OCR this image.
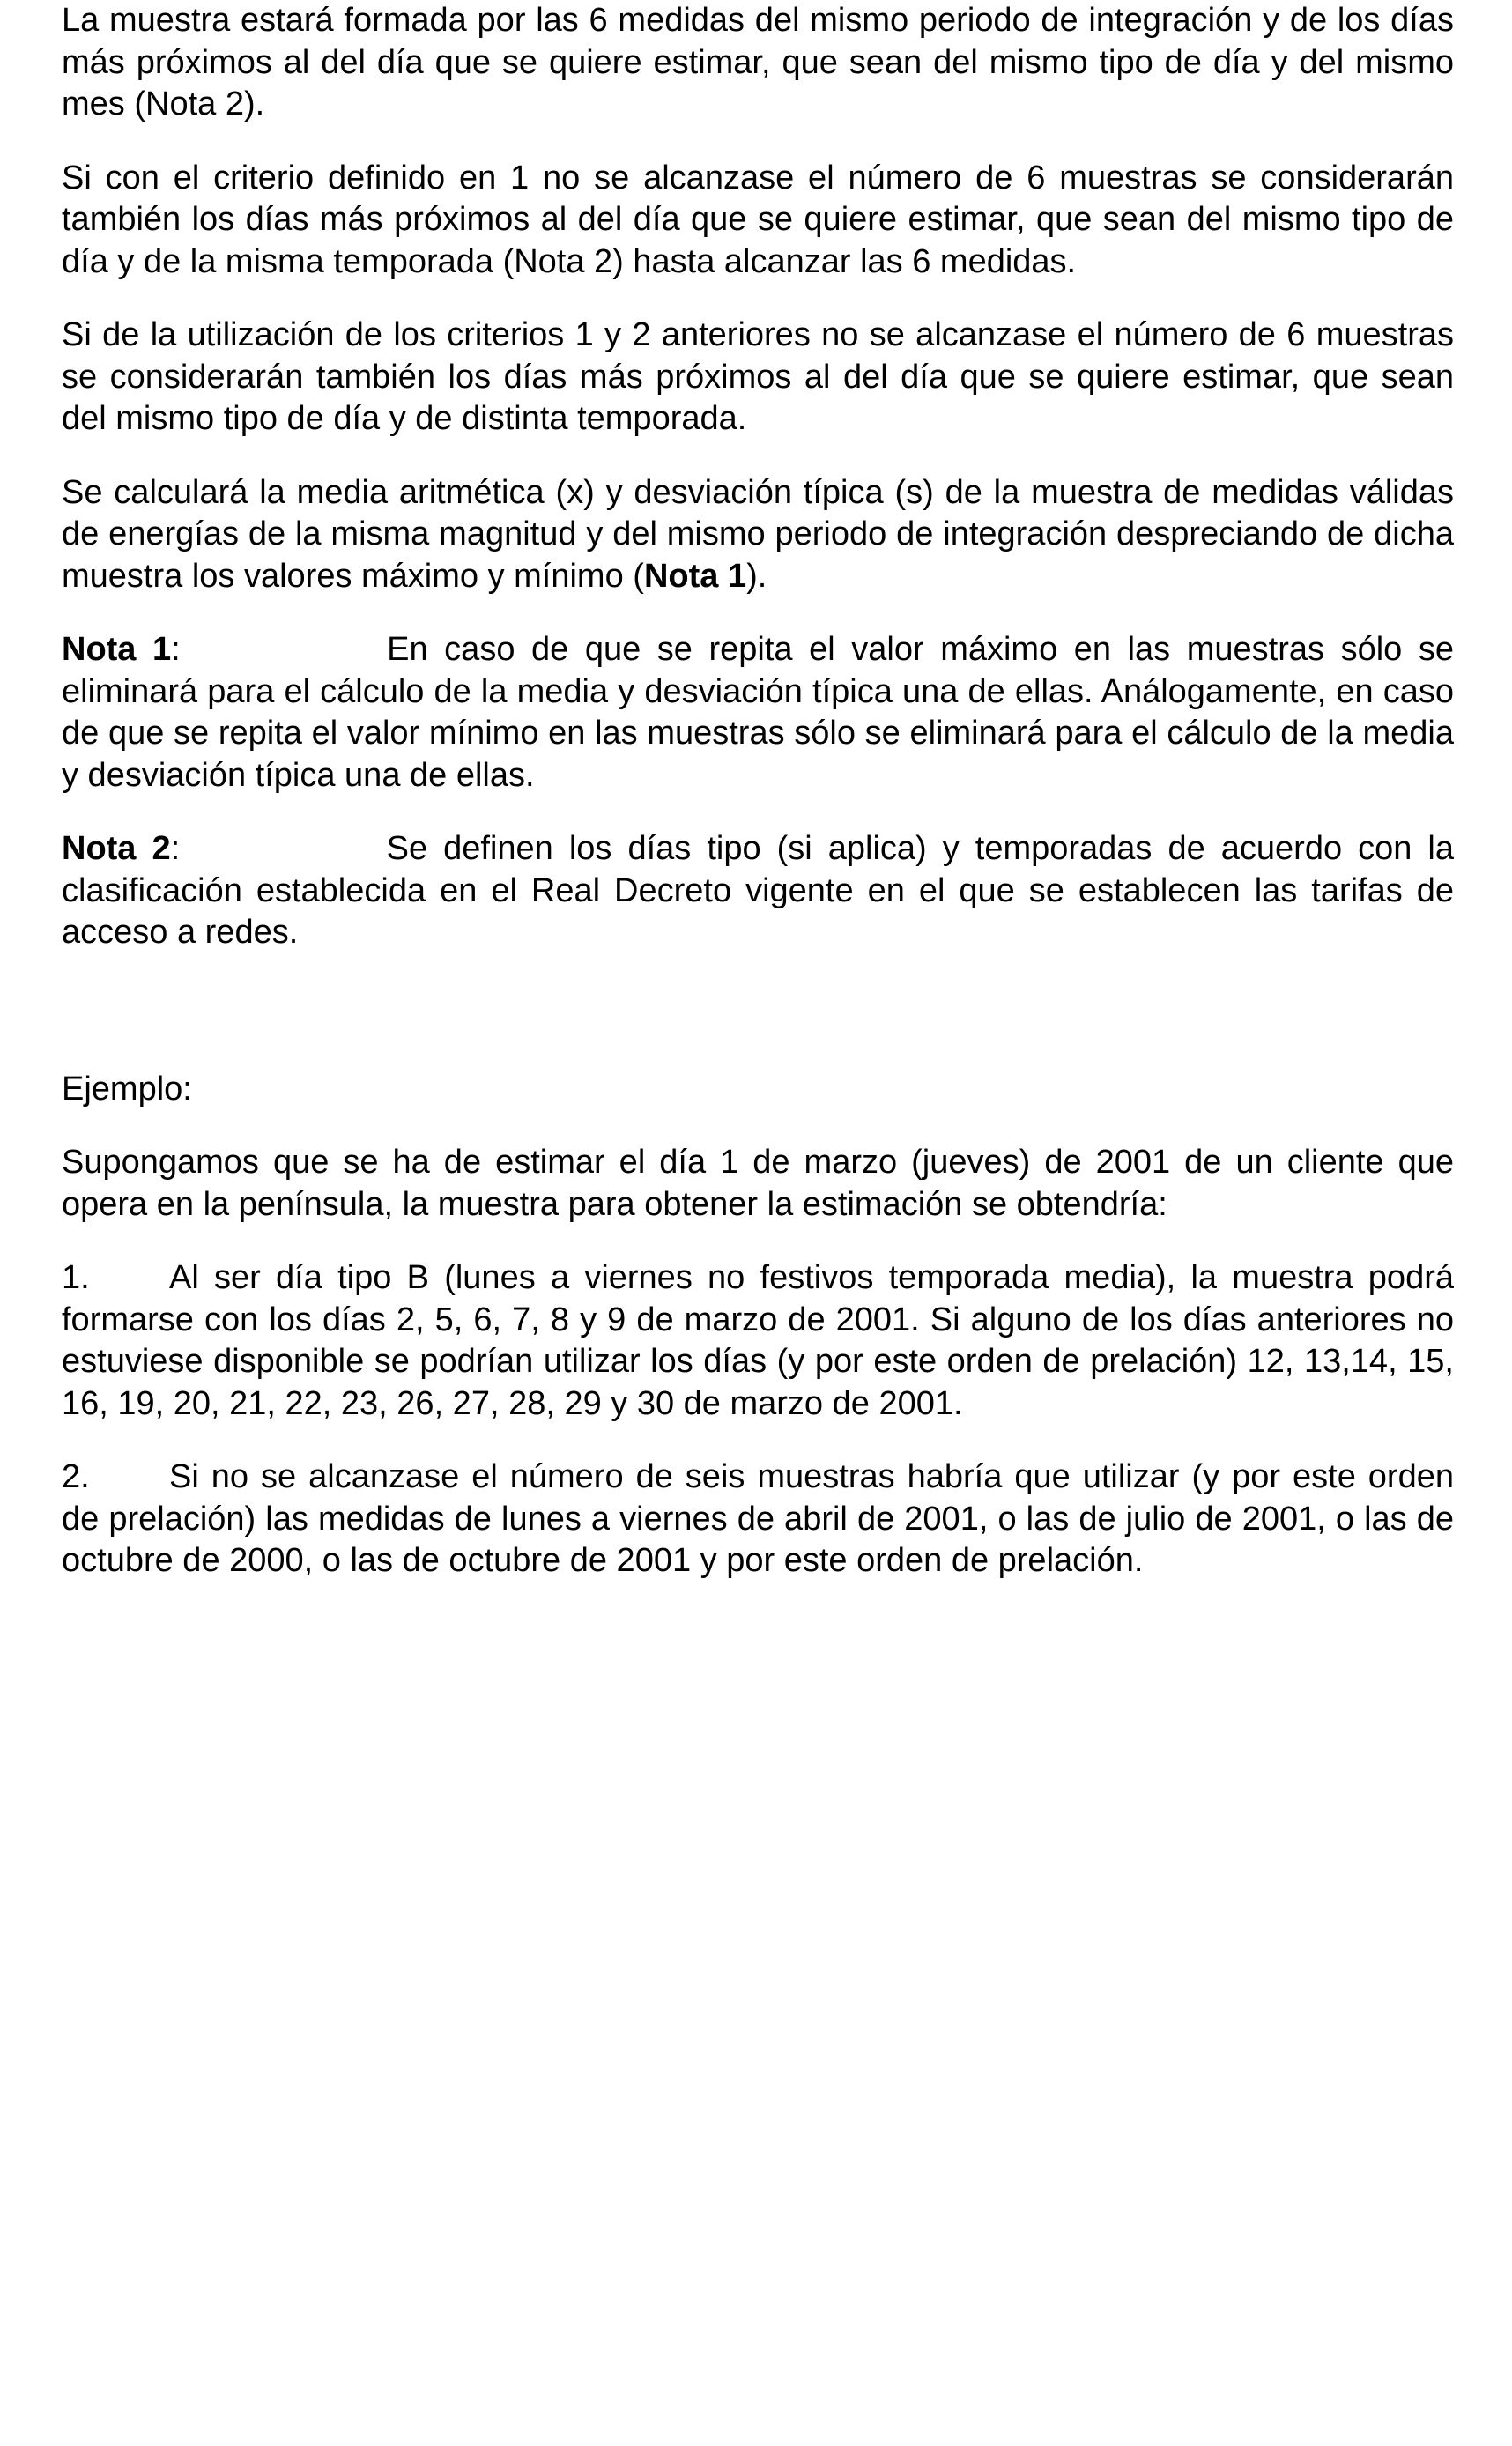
La muestra estará formada por las 6 medidas del mismo periodo de integración y de los días más próximos al del día que se quiere estimar, que sean del mismo tipo de día y del mismo mes (Nota 2).

Si con el criterio definido en 1 no se alcanzase el número de 6 muestras se considerarán también los días más próximos al del día que se quiere estimar, que sean del mismo tipo de día y de la misma temporada (Nota 2) hasta alcanzar las 6 medidas.

Si de la utilización de los criterios 1 y 2 anteriores no se alcanzase el número de 6 muestras se considerarán también los días más próximos al del día que se quiere estimar, que sean del mismo tipo de día y de distinta temporada.

Se calculará la media aritmética (x) y desviación típica (s) de la muestra de medidas válidas de energías de la misma magnitud y del mismo periodo de integración despreciando de dicha muestra los valores máximo y mínimo (Nota 1).

Nota 1:	En caso de que se repita el valor máximo en las muestras sólo se eliminará para el cálculo de la media y desviación típica una de ellas. Análogamente, en caso de que se repita el valor mínimo en las muestras sólo se eliminará para el cálculo de la media y desviación típica una de ellas.

Nota 2:	Se definen los días tipo (si aplica) y temporadas de acuerdo con la clasificación establecida en el Real Decreto vigente en el que se establecen las tarifas de acceso a redes.

Ejemplo:

Supongamos que se ha de estimar el día 1 de marzo (jueves) de 2001 de un cliente que opera en la península, la muestra para obtener la estimación se obtendría:

1. Al ser día tipo B (lunes a viernes no festivos temporada media), la muestra podrá formarse con los días 2, 5, 6, 7, 8 y 9 de marzo de 2001. Si alguno de los días anteriores no estuviese disponible se podrían utilizar los días (y por este orden de prelación) 12, 13,14, 15, 16, 19, 20, 21, 22, 23, 26, 27, 28, 29 y 30 de marzo de 2001.

2. Si no se alcanzase el número de seis muestras habría que utilizar (y por este orden de prelación) las medidas de lunes a viernes de abril de 2001, o las de julio de 2001, o las de octubre de 2000, o las de octubre de 2001 y por este orden de prelación.
